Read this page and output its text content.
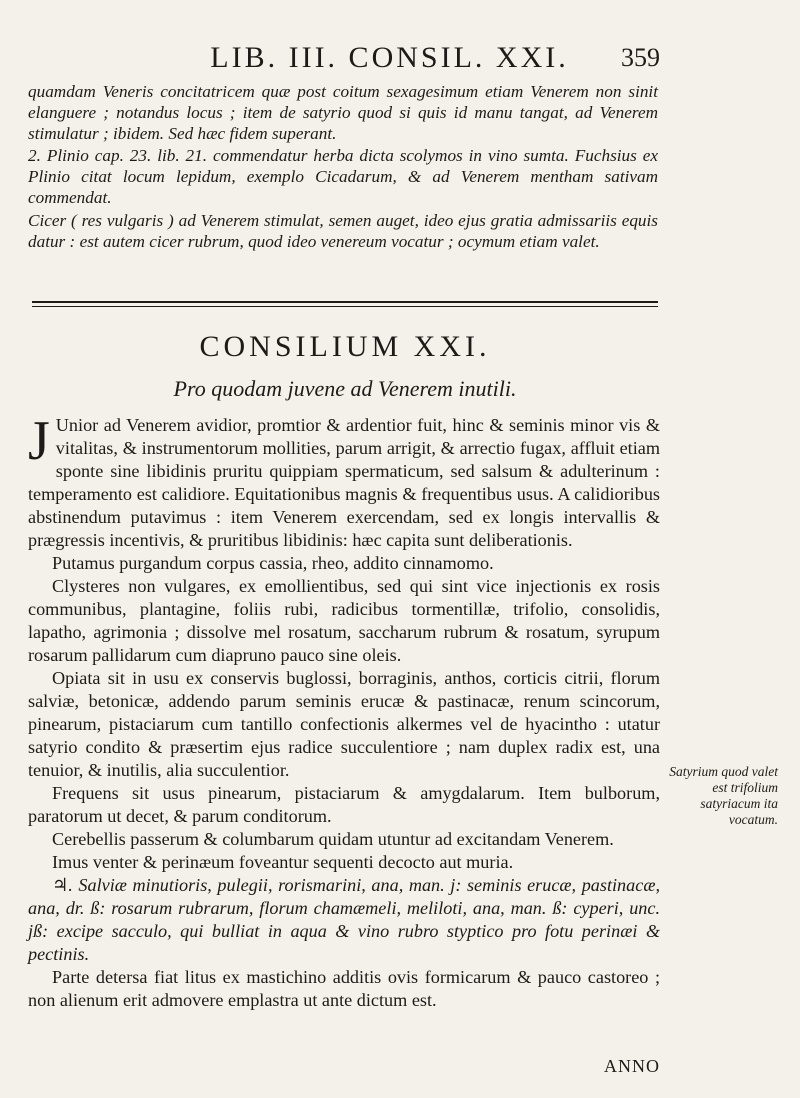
LIB. III. CONSIL. XXI.	359

quamdam Veneris concitatricem quæ post coitum sexagesimum etiam Venerem non sinit elanguere ; notandus locus ; item de satyrio quod si quis id manu tangat, ad Venerem stimulatur ; ibidem. Sed hæc fidem superant.

2. Plinio cap. 23. lib. 21. commendatur herba dicta scolymos in vino sumta. Fuchsius ex Plinio citat locum lepidum, exemplo Cicadarum, & ad Venerem mentham sativam commendat.

Cicer ( res vulgaris ) ad Venerem stimulat, semen auget, ideo ejus gratia admissariis equis datur : est autem cicer rubrum, quod ideo venereum vocatur ; ocymum etiam valet.

CONSILIUM XXI.
Pro quodam juvene ad Venerem inutili.

J Unior ad Venerem avidior, promtior & ardentior fuit, hinc & seminis minor vis & vitalitas, & instrumentorum mollities, parum arrigit, & arrectio fugax, affluit etiam sponte sine libidinis pruritu quippiam spermaticum, sed salsum & adulterinum : temperamento est calidiore. Equitationibus magnis & frequentibus usus. A calidioribus abstinendum putavimus : item Venerem exercendam, sed ex longis intervallis & prægressis incentivis, & pruritibus libidinis: hæc capita sunt deliberationis.

Putamus purgandum corpus cassia, rheo, addito cinnamomo.

Clysteres non vulgares, ex emollientibus, sed qui sint vice injectionis ex rosis communibus, plantagine, foliis rubi, radicibus tormentillæ, trifolio, consolidis, lapatho, agrimonia ; dissolve mel rosatum, saccharum rubrum & rosatum, syrupum rosarum pallidarum cum diapruno pauco sine oleis.

Opiata sit in usu ex conservis buglossi, borraginis, anthos, corticis citrii, florum salviæ, betonicæ, addendo parum seminis erucæ & pastinacæ, renum scincorum, pinearum, pistaciarum cum tantillo confectionis alkermes vel de hyacintho : utatur satyrio condito & præsertim ejus radice succulentiore ; nam duplex radix est, una tenuior, & inutilis, alia succulentior.

Frequens sit usus pinearum, pistaciarum & amygdalarum. Item bulborum, paratorum ut decet, & parum conditorum.

Cerebellis passerum & columbarum quidam utuntur ad excitandam Venerem.

Imus venter & perinæum foveantur sequenti decocto aut muria.

♃. Salviæ minutioris, pulegii, rorismarini, ana, man. j: seminis erucæ, pastinacæ, ana, dr. ß: rosarum rubrarum, florum chamæmeli, meliloti, ana, man. ß: cyperi, unc. jß: excipe sacculo, qui bulliat in aqua & vino rubro styptico pro fotu perinæi & pectinis.

Parte detersa fiat litus ex mastichino additis ovis formicarum & pauco castoreo ; non alienum erit admovere emplastra ut ante dictum est.

Satyrium quod valet est trifolium satyriacum ita vocatum.
ANNO
